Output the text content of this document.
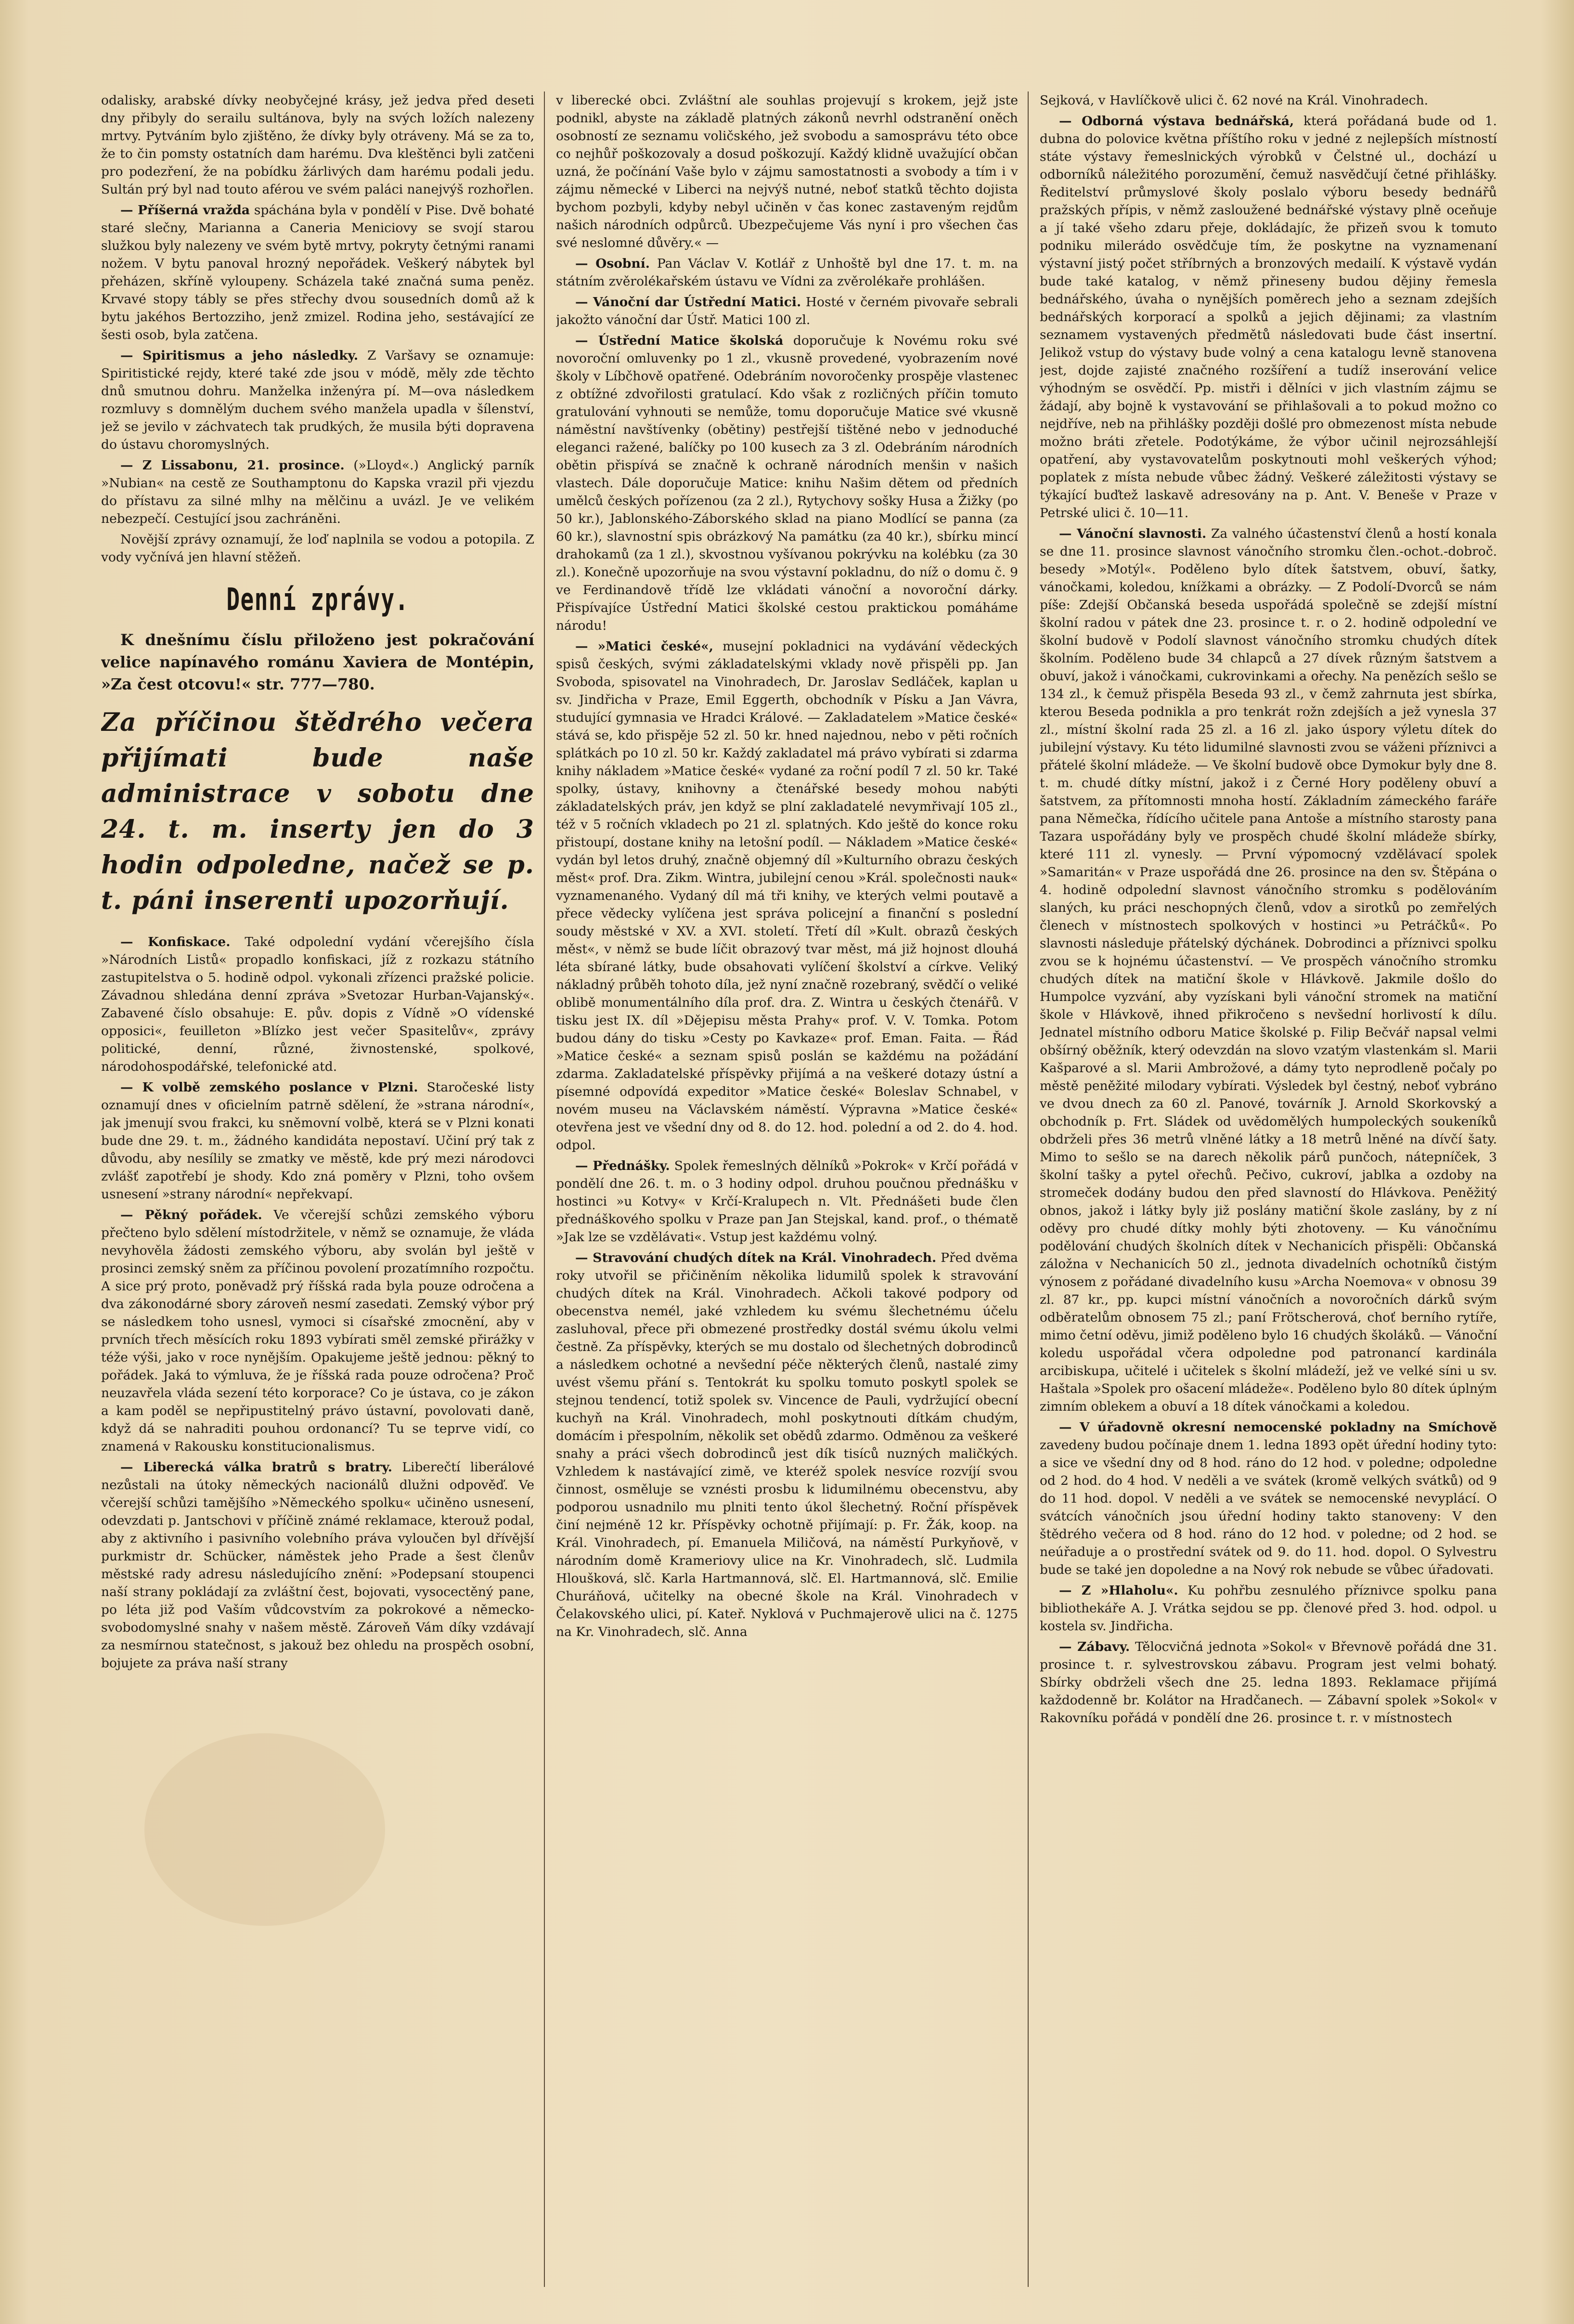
odalisky, arabské dívky neobyčejné krásy, jež jedva před deseti dny přibyly do serailu sultánova, byly na svých ložích nalezeny mrtvy. Pytváním bylo zjištěno, že dívky byly otráveny. Má se za to, že to čin pomsty ostatních dam harému. Dva kleštěnci byli zatčeni pro podezření, že na pobídku žárlivých dam harému podali jedu. Sultán prý byl nad touto aférou ve svém paláci nanejvýš rozhořlen.

— Příšerná vražda spáchána byla v pondělí v Pise. Dvě bohaté staré slečny, Marianna a Caneria Meniciovy se svojí starou služkou byly nalezeny ve svém bytě mrtvy, pokryty četnými ranami nožem. V bytu panoval hrozný nepořádek. Veškerý nábytek byl přeházen, skříně vyloupeny. Scházela také značná suma peněz. Krvavé stopy tábly se přes střechy dvou sousedních domů až k bytu jakéhos Bertozziho, jenž zmizel. Rodina jeho, sestávající ze šesti osob, byla zatčena.

— Spiritismus a jeho následky. Z Varšavy se oznamuje: Spiritistické rejdy, které také zde jsou v módě, měly zde těchto dnů smutnou dohru. Manželka inženýra pí. M—ova následkem rozmluvy s domnělým duchem svého manžela upadla v šílenství, jež se jevilo v záchvatech tak prudkých, že musila býti dopravena do ústavu choromyslných.

— Z Lissabonu, 21. prosince. (»Lloyd«.) Anglický parník »Nubian« na cestě ze Southamptonu do Kapska vrazil při vjezdu do přístavu za silné mlhy na mělčinu a uvázl. Je ve velikém nebezpečí. Cestující jsou zachráněni.

Novější zprávy oznamují, že loď naplnila se vodou a potopila. Z vody vyčnívá jen hlavní stěžeň.

Denní zprávy.

K dnešnímu číslu přiloženo jest pokračování velice napínavého románu Xaviera de Montépin, »Za čest otcovu!« str. 777—780.

Za příčinou štědrého večera přijímati bude naše administrace v sobotu dne 24. t. m. inserty jen do 3 hodin odpoledne, načež se p. t. páni inserenti upozorňují.

— Konfiskace. Také odpolední vydání včerejšího čísla »Národních Listů« propadlo konfiskaci, jíž z rozkazu státního zastupitelstva o 5. hodině odpol. vykonali zřízenci pražské policie. Závadnou shledána denní zpráva »Svetozar Hurban-Vajanský«. Zabavené číslo obsahuje: E. pův. dopis z Vídně »O vídenské opposici«, feuilleton »Blízko jest večer Spasitelův«, zprávy politické, denní, různé, živnostenské, spolkové, národohospodářské, telefonické atd.

— K volbě zemského poslance v Plzni. Staročeské listy oznamují dnes v oficielním patrně sdělení, že »strana národní«, jak jmenují svou frakci, ku sněmovní volbě, která se v Plzni konati bude dne 29. t. m., žádného kandidáta nepostaví. Učiní prý tak z důvodu, aby nesílily se zmatky ve městě, kde prý mezi národovci zvlášť zapotřebí je shody. Kdo zná poměry v Plzni, toho ovšem usnesení »strany národní« nepřekvapí.

— Pěkný pořádek. Ve včerejší schůzi zemského výboru přečteno bylo sdělení místodržitele, v němž se oznamuje, že vláda nevyhověla žádosti zemského výboru, aby svolán byl ještě v prosinci zemský sněm za příčinou povolení prozatímního rozpočtu. A sice prý proto, poněvadž prý říšská rada byla pouze odročena a dva zákonodárné sbory zároveň nesmí zasedati. Zemský výbor prý se následkem toho usnesl, vymoci si císařské zmocnění, aby v prvních třech měsících roku 1893 vybírati směl zemské přirážky v téže výši, jako v roce nynějším. Opakujeme ještě jednou: pěkný to pořádek. Jaká to výmluva, že je říšská rada pouze odročena? Proč neuzavřela vláda sezení této korporace? Co je ústava, co je zákon a kam poděl se nepřipustitelný právo ústavní, povolovati daně, když dá se nahraditi pouhou ordonancí? Tu se teprve vidí, co znamená v Rakousku konstitucionalismus.

— Liberecká válka bratrů s bratry. Liberečtí liberálové nezůstali na útoky německých nacionálů dlužni odpověď. Ve včerejší schůzi tamějšího »Německého spolku« učiněno usnesení, odevzdati p. Jantschovi v příčině známé reklamace, kterouž podal, aby z aktivního i pasivního volebního práva vyloučen byl dřívější purkmistr dr. Schücker, náměstek jeho Prade a šest členův městské rady adresu následujícího znění: »Podepsaní stoupenci naší strany pokládají za zvláštní čest, bojovati, vysocectěný pane, po léta již pod Vaším vůdcovstvím za pokrokové a německo-svobodomyslné snahy v našem městě. Zároveň Vám díky vzdávají za nesmírnou statečnost, s jakouž bez ohledu na prospěch osobní, bojujete za práva naší strany

v liberecké obci. Zvláštní ale souhlas projevují s krokem, jejž jste podnikl, abyste na základě platných zákonů nevrhl odstranění oněch osobností ze seznamu voličského, jež svobodu a samosprávu této obce co nejhůř poškozovaly a dosud poškozují. Každý klidně uvažující občan uzná, že počínání Vaše bylo v zájmu samostatnosti a svobody a tím i v zájmu německé v Liberci na nejvýš nutné, neboť statků těchto dojista bychom pozbyli, kdyby nebyl učiněn v čas konec zastaveným rejdům našich národních odpůrců. Ubezpečujeme Vás nyní i pro všechen čas své neslomné důvěry.« —

— Osobní. Pan Václav V. Kotlář z Unhoště byl dne 17. t. m. na státním zvěrolékařském ústavu ve Vídni za zvěrolékaře prohlášen.

— Vánoční dar Ústřední Matici. Hosté v černém pivovaře sebrali jakožto vánoční dar Ústř. Matici 100 zl.

— Ústřední Matice školská doporučuje k Novému roku své novoroční omluvenky po 1 zl., vkusně provedené, vyobrazením nové školy v Líbčhově opatřené. Odebráním novoročenky prospěje vlastenec z obtížné zdvořilosti gratulací. Kdo však z rozličných příčin tomuto gratulování vyhnouti se nemůže, tomu doporučuje Matice své vkusně náměstní navštívenky (obětiny) pestřejší tištěné nebo v jednoduché eleganci ražené, balíčky po 100 kusech za 3 zl. Odebráním národních obětin přispívá se značně k ochraně národních menšin v našich vlastech. Dále doporučuje Matice: knihu Našim dětem od předních umělců českých pořízenou (za 2 zl.), Rytychovy sošky Husa a Žižky (po 50 kr.), Jablonského-Záborského sklad na piano Modlící se panna (za 60 kr.), slavnostní spis obrázkový Na památku (za 40 kr.), sbírku mincí drahokamů (za 1 zl.), skvostnou vyšívanou pokrývku na kolébku (za 30 zl.). Konečně upozorňuje na svou výstavní pokladnu, do níž o domu č. 9 ve Ferdinandově třídě lze vkládati vánoční a novoroční dárky. Přispívajíce Ústřední Matici školské cestou praktickou pomáháme národu!

— »Matici české«, musejní pokladnici na vydávání vědeckých spisů českých, svými základatelskými vklady nově přispěli pp. Jan Svoboda, spisovatel na Vinohradech, Dr. Jaroslav Sedláček, kaplan u sv. Jindřicha v Praze, Emil Eggerth, obchodník v Písku a Jan Vávra, studující gymnasia ve Hradci Králové. — Zakladatelem »Matice české« stává se, kdo přispěje 52 zl. 50 kr. hned najednou, nebo v pěti ročních splátkách po 10 zl. 50 kr. Každý zakladatel má právo vybírati si zdarma knihy nákladem »Matice české« vydané za roční podíl 7 zl. 50 kr. Také spolky, ústavy, knihovny a čtenářské besedy mohou nabýti základatelských práv, jen když se plní zakladatelé nevymřivají 105 zl., též v 5 ročních vkladech po 21 zl. splatných. Kdo ještě do konce roku přistoupí, dostane knihy na letošní podíl. — Nákladem »Matice české« vydán byl letos druhý, značně objemný díl »Kulturního obrazu českých měst« prof. Dra. Zikm. Wintra, jubilejní cenou »Král. společnosti nauk« vyznamenaného. Vydaný díl má tři knihy, ve kterých velmi poutavě a přece vědecky vylíčena jest správa policejní a finanční s poslední soudy městské v XV. a XVI. století. Třetí díl »Kult. obrazů českých měst«, v němž se bude líčit obrazový tvar měst, má již hojnost dlouhá léta sbírané látky, bude obsahovati vylíčení školství a církve. Veliký nákladný průběh tohoto díla, jež nyní značně rozebraný, svědčí o veliké oblibě monumentálního díla prof. dra. Z. Wintra u českých čtenářů. V tisku jest IX. díl »Dějepisu města Prahy« prof. V. V. Tomka. Potom budou dány do tisku »Cesty po Kavkaze« prof. Eman. Faita. — Řád »Matice české« a seznam spisů poslán se každému na požádání zdarma. Zakladatelské příspěvky přijímá a na veškeré dotazy ústní a písemné odpovídá expeditor »Matice české« Boleslav Schnabel, v novém museu na Václavském náměstí. Výpravna »Matice české« otevřena jest ve všední dny od 8. do 12. hod. polední a od 2. do 4. hod. odpol.

— Přednášky. Spolek řemeslných dělníků »Pokrok« v Krčí pořádá v pondělí dne 26. t. m. o 3 hodiny odpol. druhou poučnou přednášku v hostinci »u Kotvy« v Krčí-Kralupech n. Vlt. Přednášeti bude člen přednáškového spolku v Praze pan Jan Stejskal, kand. prof., o thématě »Jak lze se vzdělávati«. Vstup jest každému volný.

— Stravování chudých dítek na Král. Vinohradech. Před dvěma roky utvořil se přičiněním několika lidumilů spolek k stravování chudých dítek na Král. Vinohradech. Ačkoli takové podpory od obecenstva nemél, jaké vzhledem ku svému šlechetnému účelu zasluhoval, přece při obmezené prostředky dostál svému úkolu velmi čestně. Za příspěvky, kterých se mu dostalo od šlechetných dobrodinců a následkem ochotné a nevšední péče některých členů, nastalé zimy uvést všemu přání s. Tentokrát ku spolku tomuto poskytl spolek se stejnou tendencí, totiž spolek sv. Vincence de Pauli, vydržující obecní kuchyň na Král. Vinohradech, mohl poskytnouti dítkám chudým, domácím i přespolním, několik set obědů zdarmo. Odměnou za veškeré snahy a práci všech dobrodinců jest dík tisíců nuzných maličkých. Vzhledem k nastávající zimě, ve kteréž spolek nesvíce rozvíjí svou činnost, osměluje se vznésti prosbu k lidumilnému obecenstvu, aby podporou usnadnilo mu plniti tento úkol šlechetný. Roční příspěvek činí nejméně 12 kr. Příspěvky ochotně přijímají: p. Fr. Žák, koop. na Král. Vinohradech, pí. Emanuela Miličová, na náměstí Purkyňově, v národním domě Krameriovy ulice na Kr. Vinohradech, slč. Ludmila Hloušková, slč. Karla Hartmannová, slč. El. Hartmannová, slč. Emilie Churáňová, učitelky na obecné škole na Král. Vinohradech v Čelakovského ulici, pí. Kateř. Nyklová v Puchmajerově ulici na č. 1275 na Kr. Vinohradech, slč. Anna

Sejková, v Havlíčkově ulici č. 62 nové na Král. Vinohradech.

— Odborná výstava bednářská, která pořádaná bude od 1. dubna do polovice května příštího roku v jedné z nejlepších místností státe výstavy řemeslnických výrobků v Čelstné ul., dochází u odborníků náležitého porozumění, čemuž nasvědčují četné přihlášky. Ředitelství průmyslové školy poslalo výboru besedy bednářů pražských přípis, v němž zasloužené bednářské výstavy plně oceňuje a jí také všeho zdaru přeje, dokládajíc, že přizeň svou k tomuto podniku milerádo osvědčuje tím, že poskytne na vyznamenaní výstavní jistý počet stříbrných a bronzových medailí. K výstavě vydán bude také katalog, v němž přineseny budou dějiny řemesla bednářského, úvaha o nynějších poměrech jeho a seznam zdejších bednářských korporací a spolků a jejich dějinami; za vlastním seznamem vystavených předmětů následovati bude část insertní. Jelikož vstup do výstavy bude volný a cena katalogu levně stanovena jest, dojde zajisté značného rozšíření a tudíž inserování velice výhodným se osvědčí. Pp. mistři i dělníci v jich vlastním zájmu se žádají, aby bojně k vystavování se přihlašovali a to pokud možno co nejdříve, neb na přihlášky později došlé pro obmezenost místa nebude možno bráti zřetele. Podotýkáme, že výbor učinil nejrozsáhlejší opatření, aby vystavovatelům poskytnouti mohl veškerých výhod; poplatek z místa nebude vůbec žádný. Veškeré záležitosti výstavy se týkající buďtež laskavě adresovány na p. Ant. V. Beneše v Praze v Petrské ulici č. 10—11.

— Vánoční slavnosti. Za valného účastenství členů a hostí konala se dne 11. prosince slavnost vánočního stromku člen.-ochot.-dobroč. besedy »Motýl«. Poděleno bylo dítek šatstvem, obuví, šatky, vánočkami, koledou, knížkami a obrázky. — Z Podolí-Dvorců se nám píše: Zdejší Občanská beseda uspořádá společně se zdejší místní školní radou v pátek dne 23. prosince t. r. o 2. hodině odpolední ve školní budově v Podolí slavnost vánočního stromku chudých dítek školním. Poděleno bude 34 chlapců a 27 dívek různým šatstvem a obuví, jakož i vánočkami, cukrovinkami a ořechy. Na penězích sešlo se 134 zl., k čemuž přispěla Beseda 93 zl., v čemž zahrnuta jest sbírka, kterou Beseda podnikla a pro tenkrát rožn zdejších a jež vynesla 37 zl., místní školní rada 25 zl. a 16 zl. jako úspory výletu dítek do jubilejní výstavy. Ku této lidumilné slavnosti zvou se váženi příznivci a přátelé školní mládeže. — Ve školní budově obce Dymokur byly dne 8. t. m. chudé dítky místní, jakož i z Černé Hory poděleny obuví a šatstvem, za přítomnosti mnoha hostí. Základním zámeckého faráře pana Němečka, řídícího učitele pana Antoše a místního starosty pana Tazara uspořádány byly ve prospěch chudé školní mládeže sbírky, které 111 zl. vynesly. — První výpomocný vzdělávací spolek »Samaritán« v Praze uspořádá dne 26. prosince na den sv. Štěpána o 4. hodině odpolední slavnost vánočního stromku s podělováním slaných, ku práci neschopných členů, vdov a sirotků po zemřelých členech v místnostech spolkových v hostinci »u Petráčků«. Po slavnosti následuje přátelský dýchánek. Dobrodinci a příznivci spolku zvou se k hojnému účastenství. — Ve prospěch vánočního stromku chudých dítek na matiční škole v Hlávkově. Jakmile došlo do Humpolce vyzvání, aby vyzískani byli vánoční stromek na matiční škole v Hlávkově, ihned přikročeno s nevšední horlivostí k dílu. Jednatel místního odboru Matice školské p. Filip Bečvář napsal velmi obšírný oběžník, který odevzdán na slovo vzatým vlastenkám sl. Marii Kašparové a sl. Marii Ambrožové, a dámy tyto neprodleně počaly po městě peněžité milodary vybírati. Výsledek byl čestný, neboť vybráno ve dvou dnech za 60 zl. Panové, továrník J. Arnold Skorkovský a obchodník p. Frt. Sládek od uvědomělých humpoleckých soukeníků obdrželi přes 36 metrů vlněné látky a 18 metrů lněné na dívčí šaty. Mimo to sešlo se na darech několik párů punčoch, nátepníček, 3 školní tašky a pytel ořechů. Pečivo, cukroví, jablka a ozdoby na stromeček dodány budou den před slavností do Hlávkova. Peněžitý obnos, jakož i látky byly již poslány matiční škole zaslány, by z ní oděvy pro chudé dítky mohly býti zhotoveny. — Ku vánočnímu podělování chudých školních dítek v Nechanicích přispěli: Občanská záložna v Nechanicích 50 zl., jednota divadelních ochotníků čistým výnosem z pořádané divadelního kusu »Archa Noemova« v obnosu 39 zl. 87 kr., pp. kupci místní vánočních a novoročních dárků svým odběratelům obnosem 75 zl.; paní Frötscherová, choť berního rytíře, mimo četní oděvu, jimiž poděleno bylo 16 chudých školáků. — Vánoční koledu uspořádal včera odpoledne pod patronancí kardinála arcibiskupa, učitelé i učitelek s školní mládeží, jež ve velké síni u sv. Haštala »Spolek pro ošacení mládeže«. Poděleno bylo 80 dítek úplným zimním oblekem a obuví a 18 dítek vánočkami a koledou.

— V úřadovně okresní nemocenské pokladny na Smíchově zavedeny budou počínaje dnem 1. ledna 1893 opět úřední hodiny tyto: a sice ve všední dny od 8 hod. ráno do 12 hod. v poledne; odpoledne od 2 hod. do 4 hod. V neděli a ve svátek (kromě velkých svátků) od 9 do 11 hod. dopol. V neděli a ve svátek se nemocenské nevyplácí. O svátcích vánočních jsou úřední hodiny takto stanoveny: V den štědrého večera od 8 hod. ráno do 12 hod. v poledne; od 2 hod. se neúřaduje a o prostřední svátek od 9. do 11. hod. dopol. O Sylvestru bude se také jen dopoledne a na Nový rok nebude se vůbec úřadovati.

— Z »Hlaholu«. Ku pohřbu zesnulého příznivce spolku pana bibliothekáře A. J. Vrátka sejdou se pp. členové před 3. hod. odpol. u kostela sv. Jindřicha.

— Zábavy. Tělocvičná jednota »Sokol« v Břevnově pořádá dne 31. prosince t. r. sylvestrovskou zábavu. Program jest velmi bohatý. Sbírky obdrželi všech dne 25. ledna 1893. Reklamace přijímá každodenně br. Kolátor na Hradčanech. — Zábavní spolek »Sokol« v Rakovníku pořádá v pondělí dne 26. prosince t. r. v místnostech
